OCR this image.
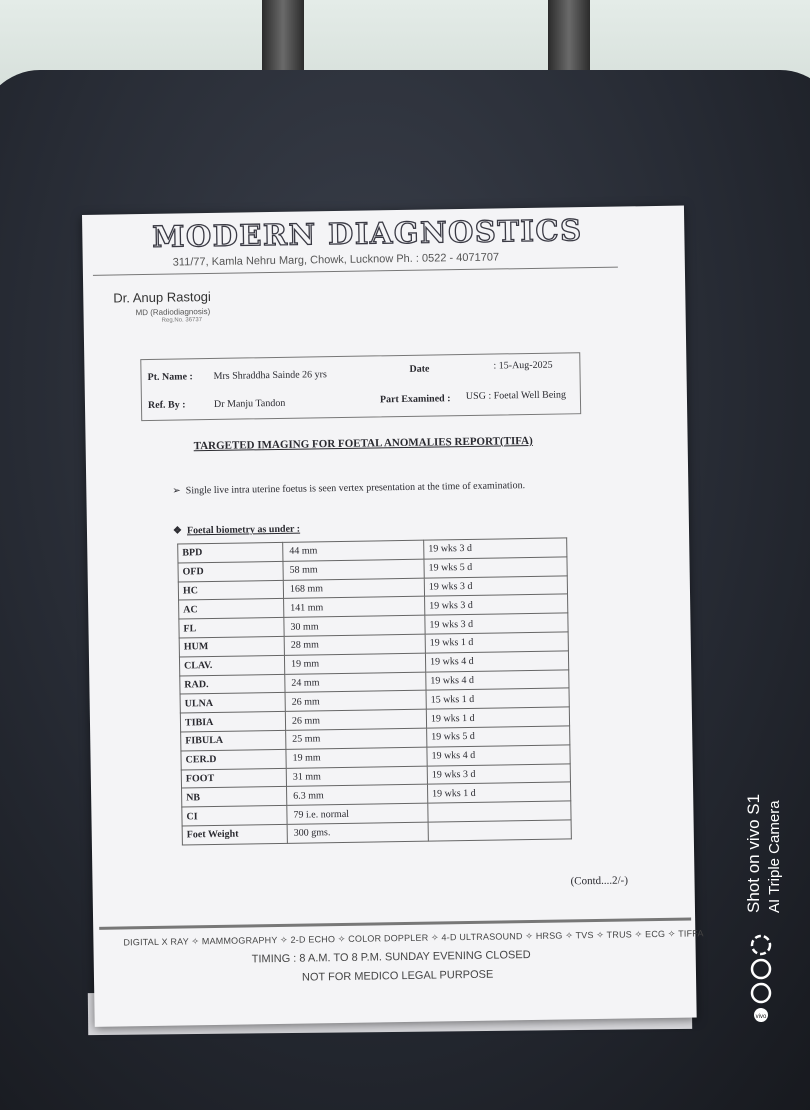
MODERN DIAGNOSTICS
311/77, Kamla Nehru Marg, Chowk, Lucknow Ph. : 0522 - 4071707
Dr. Anup Rastogi
MD (Radiodiagnosis)
Reg.No. 36737
Pt. Name : Mrs Shraddha Sainde 26 yrs	Date	: 15-Aug-2025
Ref. By :	Dr Manju Tandon	Part Examined : USG : Foetal Well Being
TARGETED IMAGING FOR FOETAL ANOMALIES REPORT(TIFA)
➢  Single live intra uterine foetus is seen vertex presentation at the time of examination.
❖  Foetal biometry as under :
BPD	44 mm	19 wks 3 d
OFD	58 mm	19 wks 5 d
HC	168 mm	19 wks 3 d
AC	141 mm	19 wks 3 d
FL	30 mm	19 wks 3 d
HUM	28 mm	19 wks 1 d
CLAV.	19 mm	19 wks 4 d
RAD.	24 mm	19 wks 4 d
ULNA	26 mm	15 wks 1 d
TIBIA	26 mm	19 wks 1 d
FIBULA	25 mm	19 wks 5 d
CER.D	19 mm	19 wks 4 d
FOOT	31 mm	19 wks 3 d
NB	6.3 mm	19 wks 1 d
CI	79 i.e. normal	
Foet Weight	300 gms.	
(Contd....2/-)
DIGITAL X RAY ✧ MAMMOGRAPHY ✧ 2-D ECHO ✧ COLOR DOPPLER ✧ 4-D ULTRASOUND ✧ HRSG ✧ TVS ✧ TRUS ✧ ECG ✧ TIFFA
TIMING : 8 A.M. TO 8 P.M. SUNDAY EVENING CLOSED
NOT FOR MEDICO LEGAL PURPOSE
Shot on vivo S1 AI Triple Camera
vivo
